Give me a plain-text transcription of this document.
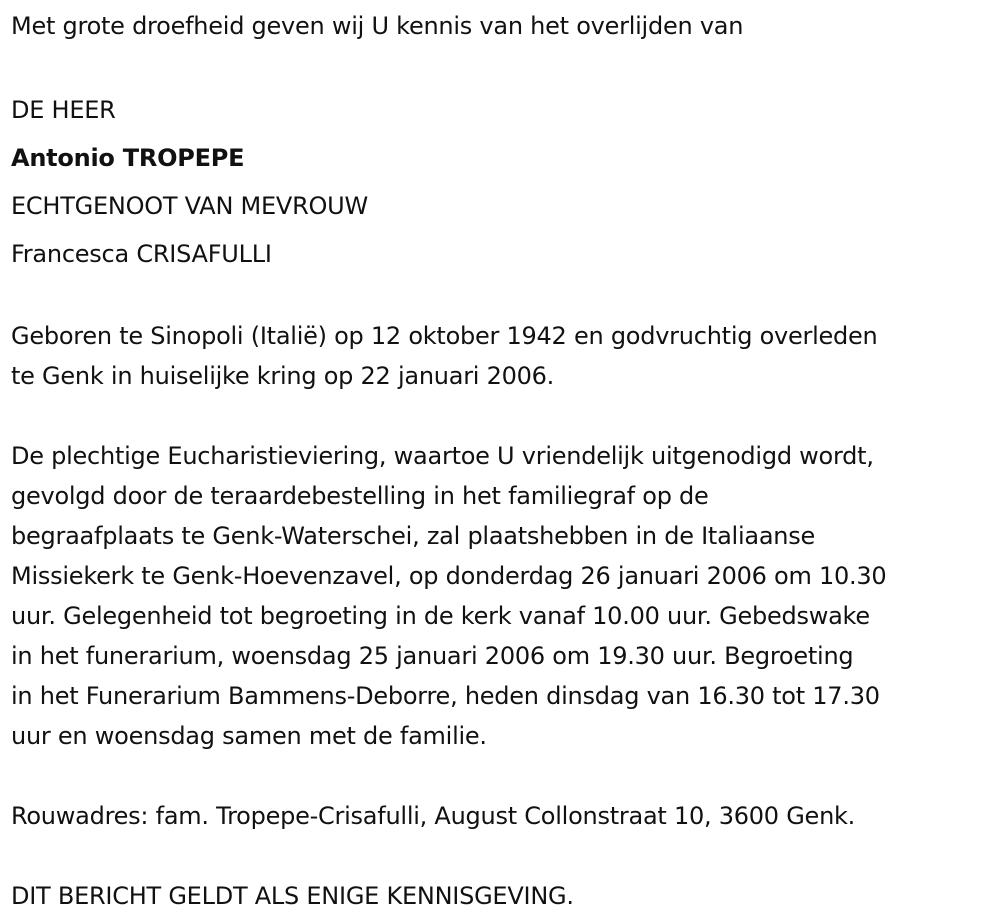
Met grote droefheid geven wij U kennis van het overlijden van

DE HEER

Antonio TROPEPE

ECHTGENOOT VAN MEVROUW

Francesca CRISAFULLI

Geboren te Sinopoli (Italië) op 12 oktober 1942 en godvruchtig overleden

te Genk in huiselijke kring op 22 januari 2006.

De plechtige Eucharistieviering, waartoe U vriendelijk uitgenodigd wordt,

gevolgd door de teraardebestelling in het familiegraf op de

begraafplaats te Genk-Waterschei, zal plaatshebben in de Italiaanse

Missiekerk te Genk-Hoevenzavel, op donderdag 26 januari 2006 om 10.30

uur. Gelegenheid tot begroeting in de kerk vanaf 10.00 uur. Gebedswake

in het funerarium, woensdag 25 januari 2006 om 19.30 uur. Begroeting

in het Funerarium Bammens-Deborre, heden dinsdag van 16.30 tot 17.30

uur en woensdag samen met de familie.

Rouwadres: fam. Tropepe-Crisafulli, August Collonstraat 10, 3600 Genk.

DIT BERICHT GELDT ALS ENIGE KENNISGEVING.
